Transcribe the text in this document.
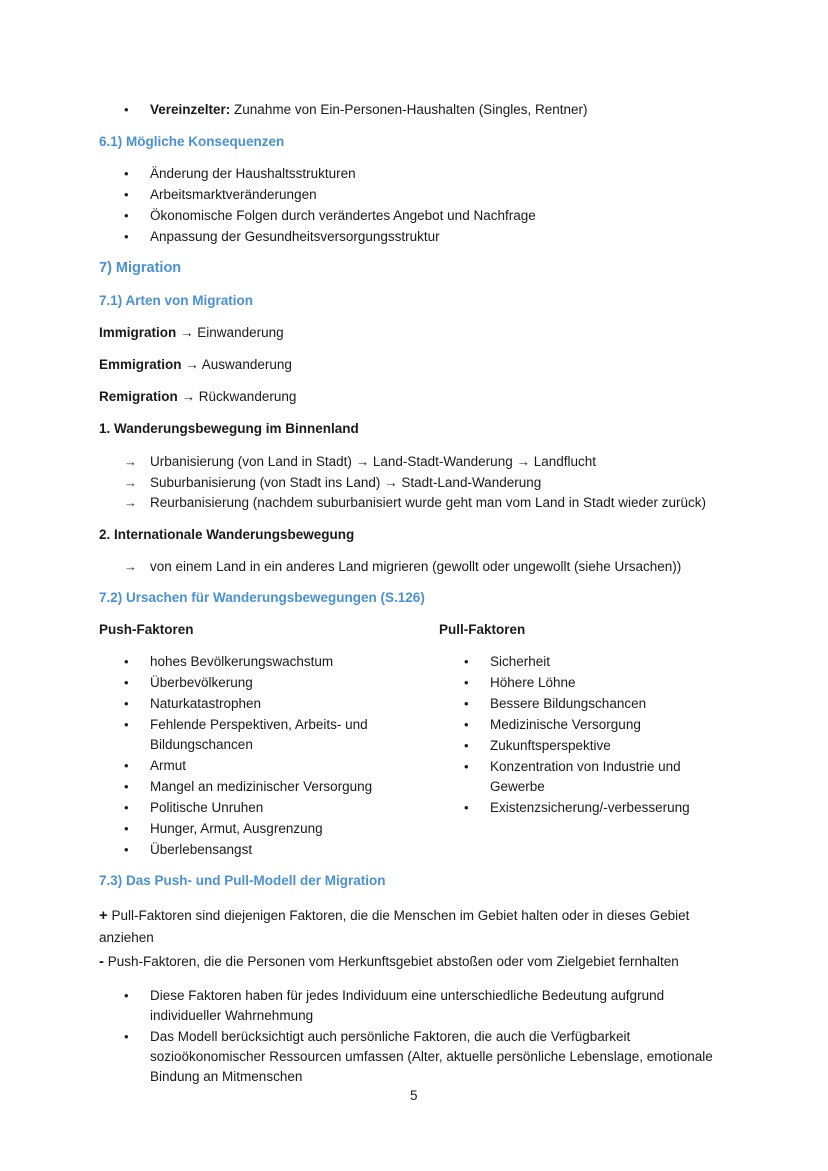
• Vereinzelter: Zunahme von Ein-Personen-Haushalten (Singles, Rentner)
6.1) Mögliche Konsequenzen
• Änderung der Haushaltsstrukturen
• Arbeitsmarktveränderungen
• Ökonomische Folgen durch verändertes Angebot und Nachfrage
• Anpassung der Gesundheitsversorgungsstruktur
7) Migration
7.1) Arten von Migration
Immigration → Einwanderung
Emmigration → Auswanderung
Remigration → Rückwanderung
1. Wanderungsbewegung im Binnenland
→ Urbanisierung (von Land in Stadt) → Land-Stadt-Wanderung → Landflucht
→ Suburbanisierung (von Stadt ins Land) → Stadt-Land-Wanderung
→ Reurbanisierung (nachdem suburbanisiert wurde geht man vom Land in Stadt wieder zurück)
2. Internationale Wanderungsbewegung
→ von einem Land in ein anderes Land migrieren (gewollt oder ungewollt (siehe Ursachen))
7.2) Ursachen für Wanderungsbewegungen (S.126)
Push-Faktoren	Pull-Faktoren
• hohes Bevölkerungswachstum
• Überbevölkerung
• Naturkatastrophen
• Fehlende Perspektiven, Arbeits- und
Bildungschancen
• Armut
• Mangel an medizinischer Versorgung
• Politische Unruhen
• Hunger, Armut, Ausgrenzung
• Überlebensangst
• Sicherheit
• Höhere Löhne
• Bessere Bildungschancen
• Medizinische Versorgung
• Zukunftsperspektive
• Konzentration von Industrie und
Gewerbe
• Existenzsicherung/-verbesserung
7.3) Das Push- und Pull-Modell der Migration
+ Pull-Faktoren sind diejenigen Faktoren, die die Menschen im Gebiet halten oder in dieses Gebiet
anziehen
- Push-Faktoren, die die Personen vom Herkunftsgebiet abstoßen oder vom Zielgebiet fernhalten
• Diese Faktoren haben für jedes Individuum eine unterschiedliche Bedeutung aufgrund
individueller Wahrnehmung
• Das Modell berücksichtigt auch persönliche Faktoren, die auch die Verfügbarkeit
sozioökonomischer Ressourcen umfassen (Alter, aktuelle persönliche Lebenslage, emotionale
Bindung an Mitmenschen
5
